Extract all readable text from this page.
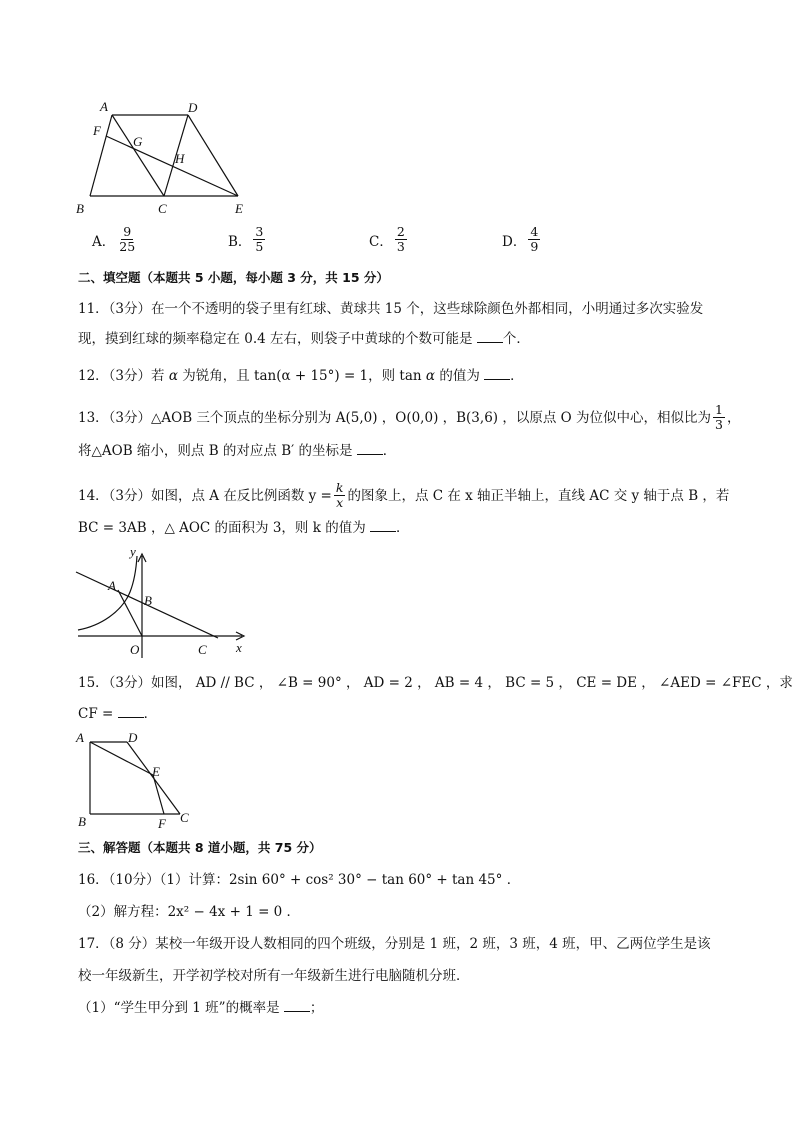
A	D
F
G
H
B	C	E
A． $\frac{9}{25}$	B． $\frac{3}{5}$	C． $\frac{2}{3}$	D． $\frac{4}{9}$
二、填空题（本题共 5 小题，每小题 3 分，共 15 分）
11．（3分）在一个不透明的袋子里有红球、黄球共 15 个，这些球除颜色外都相同，小明通过多次实验发
现，摸到红球的频率稳定在 0.4 左右，则袋子中黄球的个数可能是 个．
12．（3分）若 α 为锐角，且 tan(α + 15°) = 1，则 tan α 的值为 ．
13．（3分）△AOB 三个顶点的坐标分别为 A(5,0) ，O(0,0) ，B(3,6) ，以原点 O 为位似中心，相似比为 $\frac{1}{3}$ ，
将△AOB 缩小，则点 B 的对应点 B′ 的坐标是 ．
14．（3分）如图，点 A 在反比例函数 $y = \frac{k}{x}$ 的图象上，点 C 在 x 轴正半轴上，直线 AC 交 y 轴于点 B ，若
BC = 3AB ，△ AOC 的面积为 3，则 k 的值为 ．
y
A
B
O	C x
15．（3分）如图， AD // BC ， ∠B = 90° ， AD = 2 ， AB = 4 ， BC = 5 ， CE = DE ， ∠AED = ∠FEC ，求
CF = ．
A	D
E
B	F C
三、解答题（本题共 8 道小题，共 75 分）
16．（10分）（1）计算：2sin 60° + cos² 30° − tan 60° + tan 45° ．
（2）解方程：2x² − 4x + 1 = 0 ．
17．（8 分）某校一年级开设人数相同的四个班级，分别是 1 班，2 班，3 班，4 班，甲、乙两位学生是该
校一年级新生，开学初学校对所有一年级新生进行电脑随机分班．
（1）“学生甲分到 1 班”的概率是 ；
